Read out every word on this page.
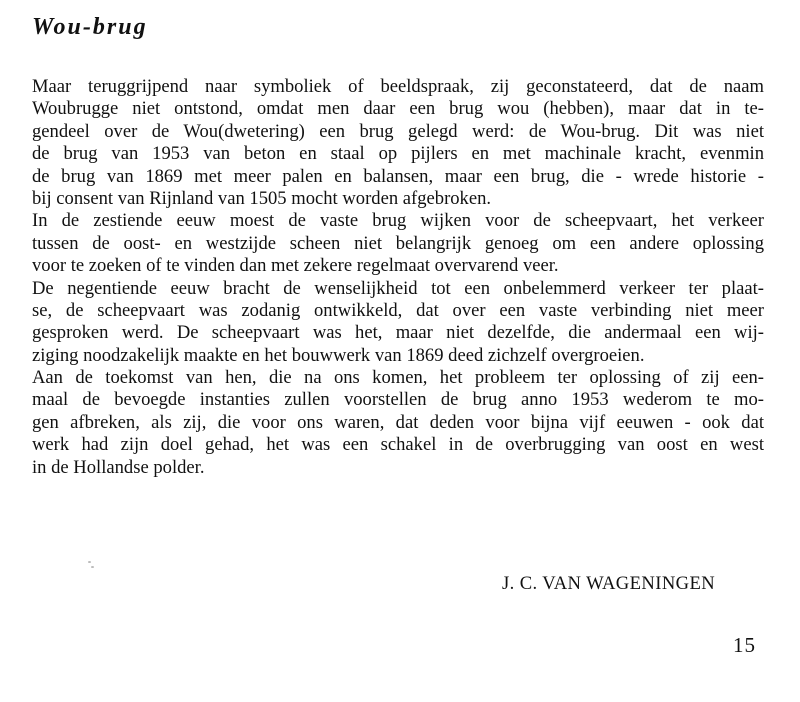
Wou-brug
Maar teruggrijpend naar symboliek of beeldspraak, zij geconstateerd, dat de naam
Woubrugge niet ontstond, omdat men daar een brug wou (hebben), maar dat in te-
gendeel over de Wou(dwetering) een brug gelegd werd: de Wou-brug. Dit was niet
de brug van 1953 van beton en staal op pijlers en met machinale kracht, evenmin
de brug van 1869 met meer palen en balansen, maar een brug, die - wrede historie -
bij consent van Rijnland van 1505 mocht worden afgebroken.
In de zestiende eeuw moest de vaste brug wijken voor de scheepvaart, het verkeer
tussen de oost- en westzijde scheen niet belangrijk genoeg om een andere oplossing
voor te zoeken of te vinden dan met zekere regelmaat overvarend veer.
De negentiende eeuw bracht de wenselijkheid tot een onbelemmerd verkeer ter plaat-
se, de scheepvaart was zodanig ontwikkeld, dat over een vaste verbinding niet meer
gesproken werd. De scheepvaart was het, maar niet dezelfde, die andermaal een wij-
ziging noodzakelijk maakte en het bouwwerk van 1869 deed zichzelf overgroeien.
Aan de toekomst van hen, die na ons komen, het probleem ter oplossing of zij een-
maal de bevoegde instanties zullen voorstellen de brug anno 1953 wederom te mo-
gen afbreken, als zij, die voor ons waren, dat deden voor bijna vijf eeuwen - ook dat
werk had zijn doel gehad, het was een schakel in de overbrugging van oost en west
in de Hollandse polder.

J. C. VAN WAGENINGEN

15
